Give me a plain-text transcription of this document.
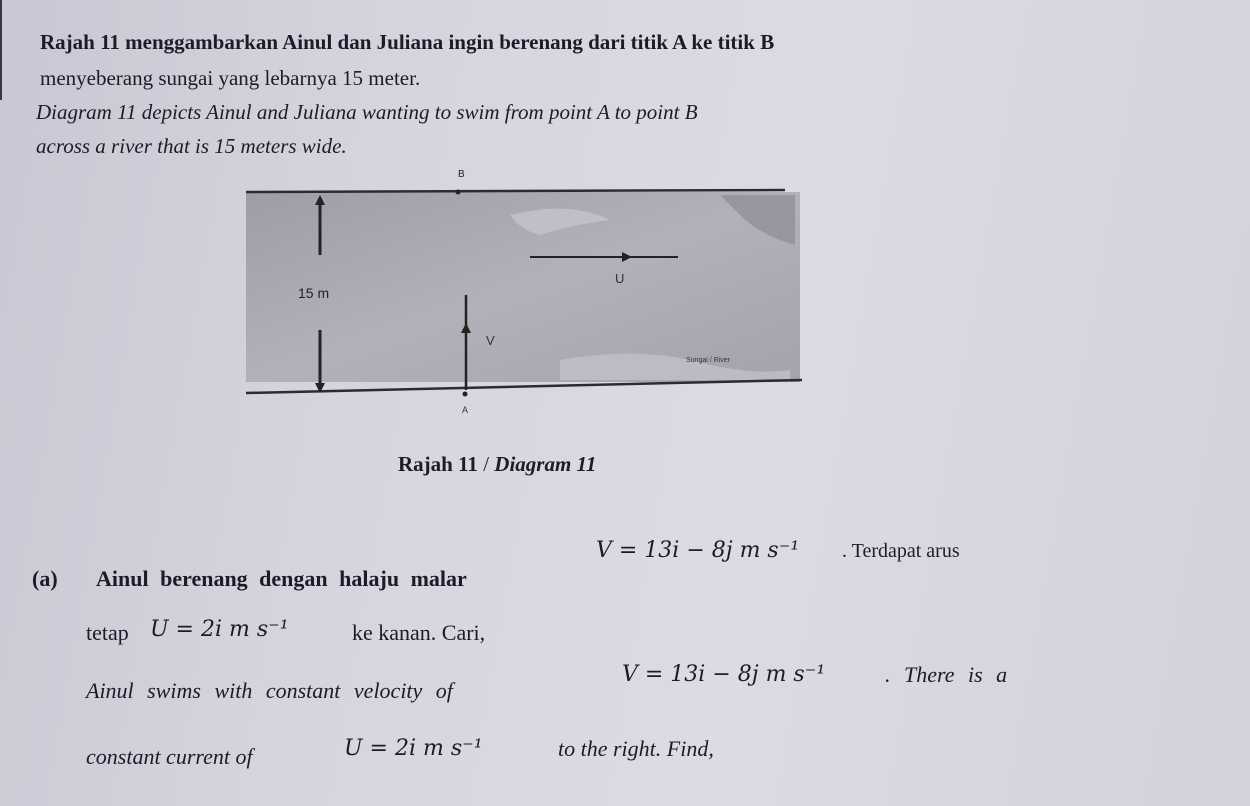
Rajah 11 menggambarkan Ainul dan Juliana ingin berenang dari titik A ke titik B
menyeberang sungai yang lebarnya 15 meter.
Diagram 11 depicts Ainul and Juliana wanting to swim from point A to point B
across a river that is 15 meters wide.
B
15 m
U
V
Sungai / River
A
Rajah 11 / Diagram 11
(a) Ainul berenang dengan halaju malar
V = 13i − 8j m s⁻¹ . Terdapat arus
tetap U = 2i m s⁻¹	ke kanan. Cari,
Ainul swims with constant velocity of
V = 13i − 8j m s⁻¹	. There is a
constant current of	U = 2i m s⁻¹	to the right. Find,
